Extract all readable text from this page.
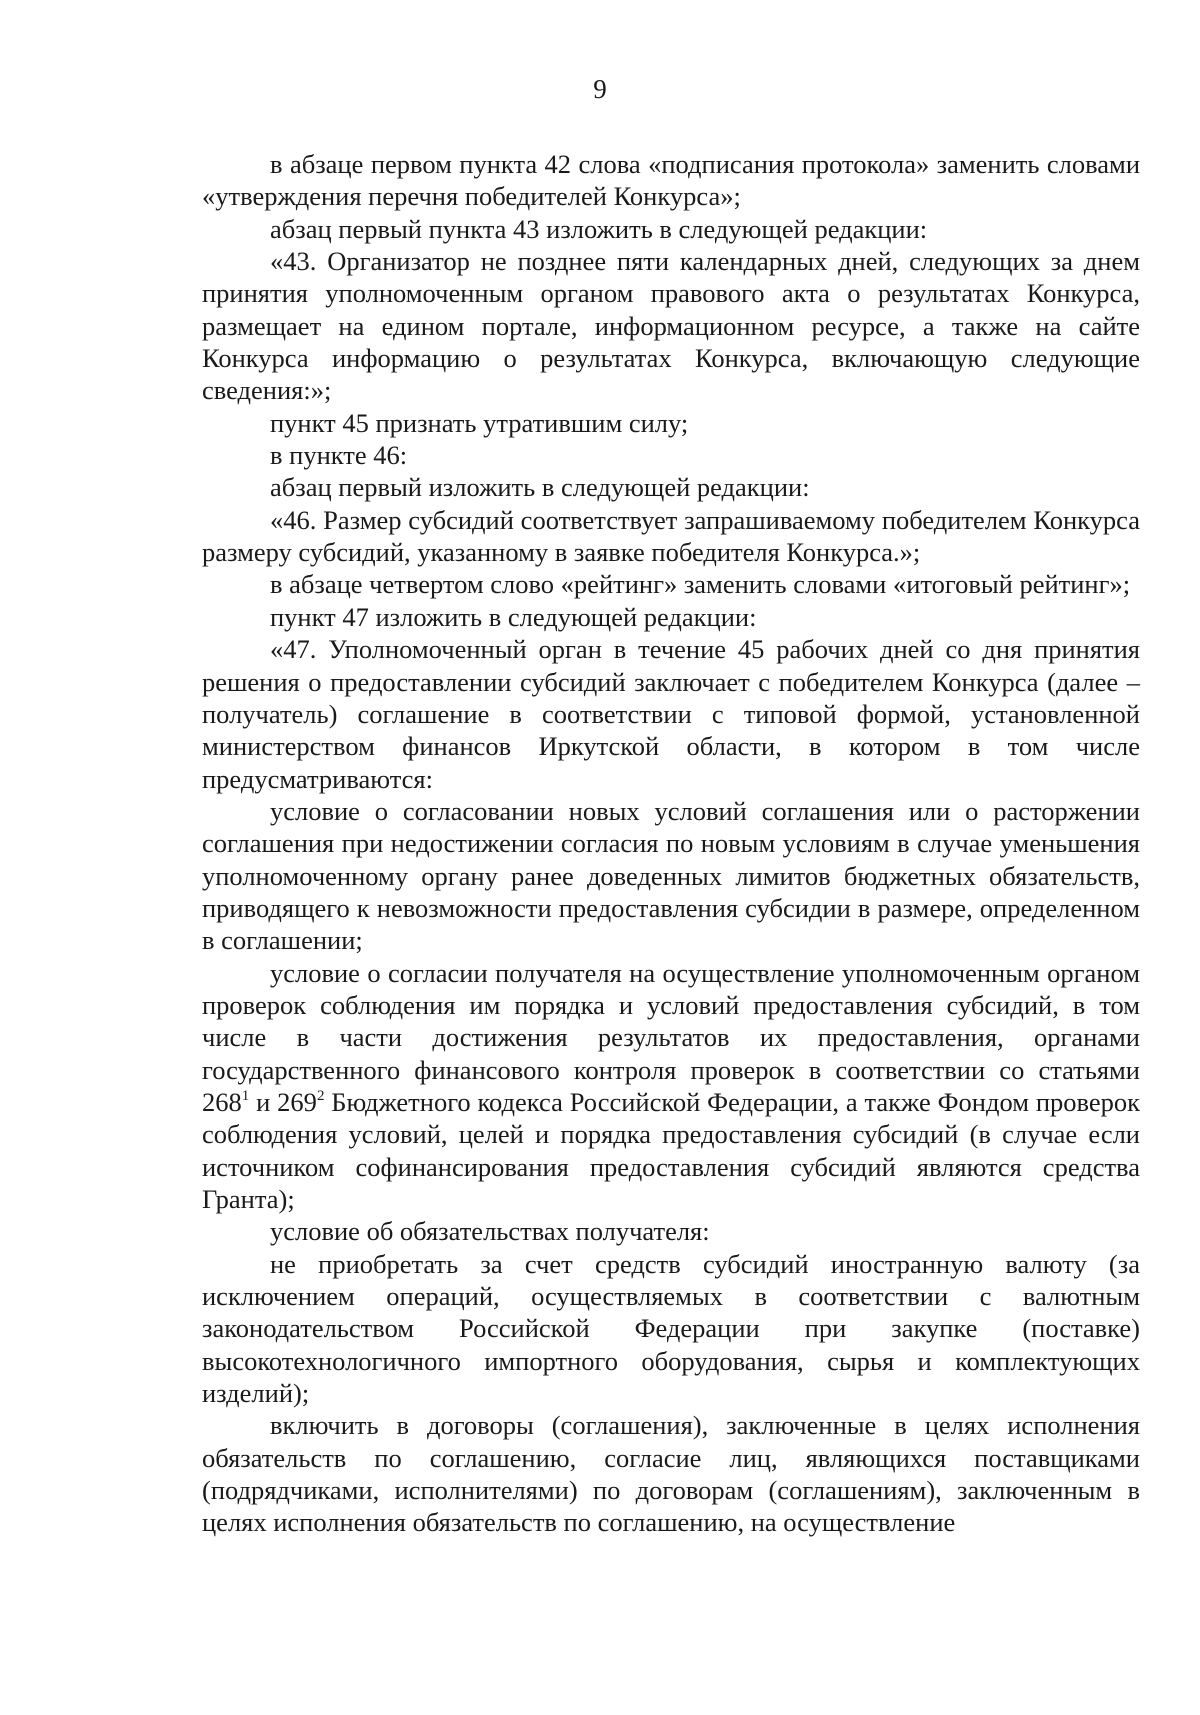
9

в абзаце первом пункта 42 слова «подписания протокола» заменить словами «утверждения перечня победителей Конкурса»;

абзац первый пункта 43 изложить в следующей редакции:

«43. Организатор не позднее пяти календарных дней, следующих за днем принятия уполномоченным органом правового акта о результатах Конкурса, размещает на едином портале, информационном ресурсе, а также на сайте Конкурса информацию о результатах Конкурса, включающую следующие сведения:»;

пункт 45 признать утратившим силу;

в пункте 46:

абзац первый изложить в следующей редакции:

«46. Размер субсидий соответствует запрашиваемому победителем Конкурса размеру субсидий, указанному в заявке победителя Конкурса.»;

в абзаце четвертом слово «рейтинг» заменить словами «итоговый рейтинг»;

пункт 47 изложить в следующей редакции:

«47. Уполномоченный орган в течение 45 рабочих дней со дня принятия решения о предоставлении субсидий заключает с победителем Конкурса (далее – получатель) соглашение в соответствии с типовой формой, установленной министерством финансов Иркутской области, в котором в том числе предусматриваются:

условие о согласовании новых условий соглашения или о расторжении соглашения при недостижении согласия по новым условиям в случае уменьшения уполномоченному органу ранее доведенных лимитов бюджетных обязательств, приводящего к невозможности предоставления субсидии в размере, определенном в соглашении;

условие о согласии получателя на осуществление уполномоченным органом проверок соблюдения им порядка и условий предоставления субсидий, в том числе в части достижения результатов их предоставления, органами государственного финансового контроля проверок в соответствии со статьями $268^1$ и $269^2$ Бюджетного кодекса Российской Федерации, а также Фондом проверок соблюдения условий, целей и порядка предоставления субсидий (в случае если источником софинансирования предоставления субсидий являются средства Гранта);

условие об обязательствах получателя:

не приобретать за счет средств субсидий иностранную валюту (за исключением операций, осуществляемых в соответствии с валютным законодательством Российской Федерации при закупке (поставке) высокотехнологичного импортного оборудования, сырья и комплектующих изделий);

включить в договоры (соглашения), заключенные в целях исполнения обязательств по соглашению, согласие лиц, являющихся поставщиками (подрядчиками, исполнителями) по договорам (соглашениям), заключенным в целях исполнения обязательств по соглашению, на осуществление
